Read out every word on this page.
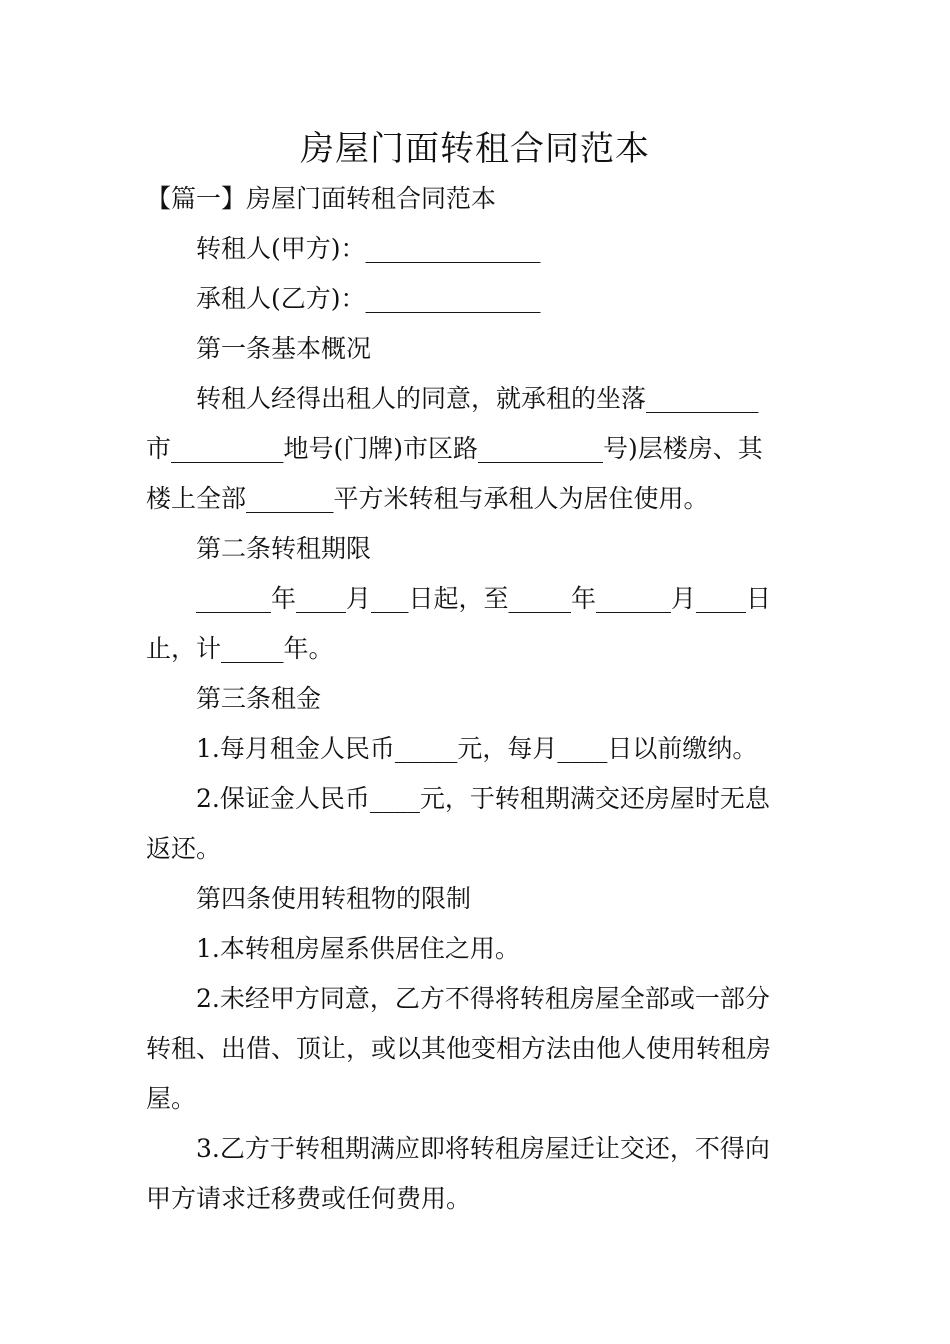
房屋门面转租合同范本
【篇一】房屋门面转租合同范本
转租人(甲方)：______________
承租人(乙方)：______________
第一条基本概况
转租人经得出租人的同意，就承租的坐落_________
市_________地号(门牌)市区路__________号)层楼房、其
楼上全部_______平方米转租与承租人为居住使用。
第二条转租期限
______年____月___日起，至_____年______月____日
止，计_____年。
第三条租金
1.每月租金人民币_____元，每月____日以前缴纳。
2.保证金人民币____元，于转租期满交还房屋时无息
返还。
第四条使用转租物的限制
1.本转租房屋系供居住之用。
2.未经甲方同意，乙方不得将转租房屋全部或一部分
转租、出借、顶让，或以其他变相方法由他人使用转租房
屋。
3.乙方于转租期满应即将转租房屋迁让交还，不得向
甲方请求迁移费或任何费用。
